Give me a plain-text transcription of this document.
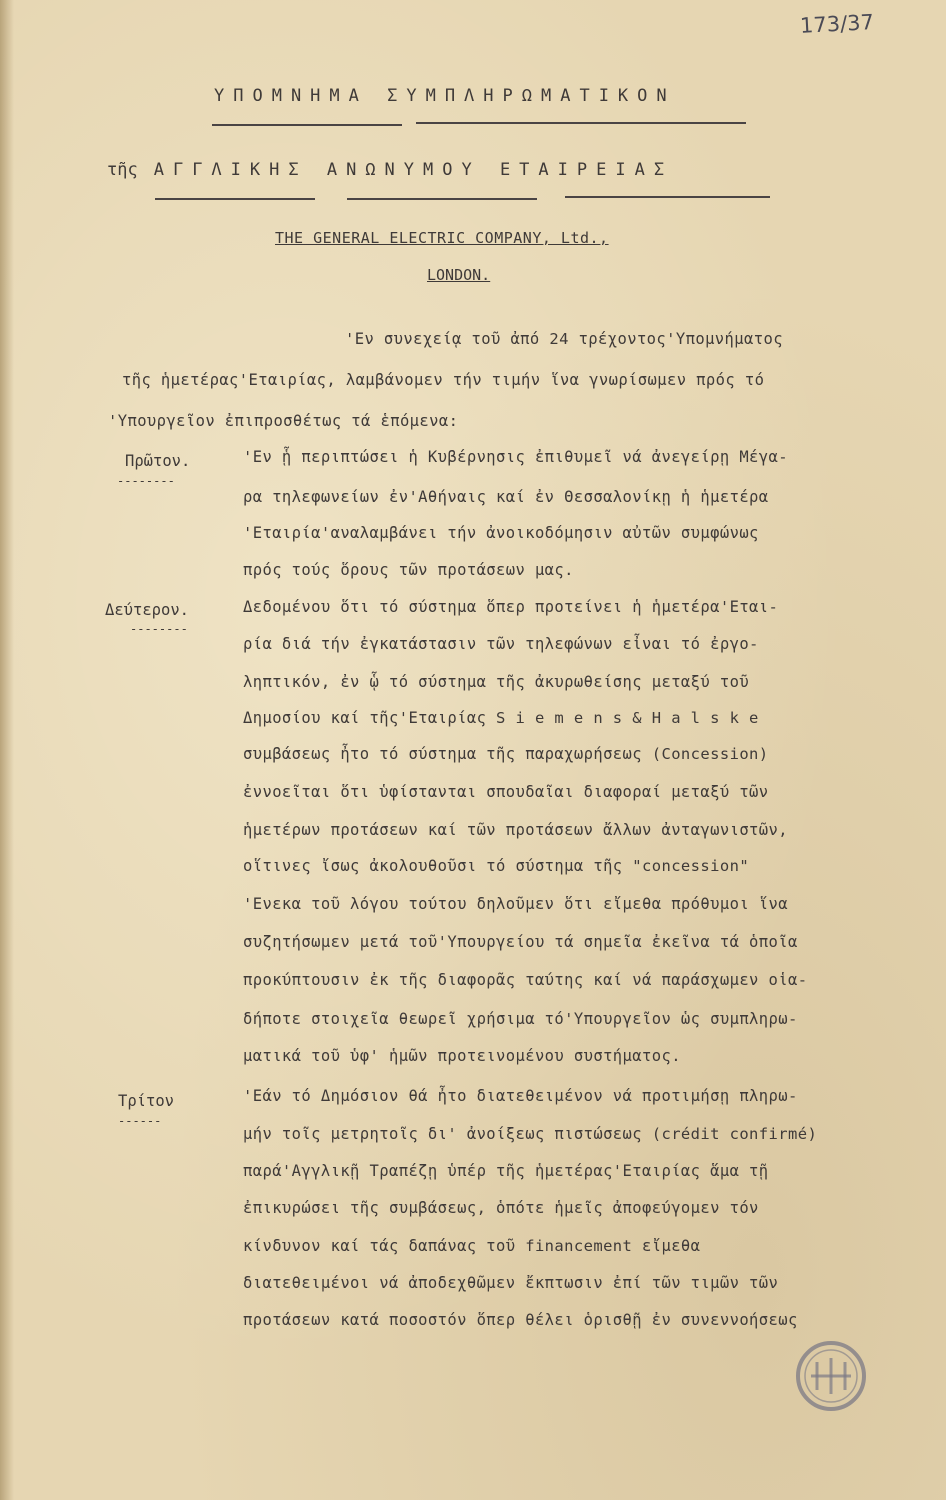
173/37
ΥΠΟΜΝΗΜΑ ΣΥΜΠΛΗΡΩΜΑΤΙΚΟΝ
τῆς ΑΓΓΛΙΚΗΣ ΑΝΩΝΥΜΟΥ ΕΤΑΙΡΕΙΑΣ
THE GENERAL ELECTRIC COMPANY, Ltd.,
LONDON.
'Εν συνεχείᾳ τοῦ ἀπό 24 τρέχοντος'Υπομνήματος
τῆς ἡμετέρας'Εταιρίας, λαμβάνομεν τήν τιμήν ἵνα γνωρίσωμεν πρός τό
'Υπουργεῖον ἐπιπροσθέτως τά ἑπόμενα:
Πρῶτον.
--------
'Εν ᾗ περιπτώσει ἡ Κυβέρνησις ἐπιθυμεῖ νά ἀνεγείρῃ Μέγα-
ρα τηλεφωνείων ἐν'Αθήναις καί ἐν Θεσσαλονίκῃ ἡ ἡμετέρα
'Εταιρία'αναλαμβάνει τήν ἀνοικοδόμησιν αὐτῶν συμφώνως
πρός τούς ὅρους τῶν προτάσεων μας.
Δεύτερον.
--------
Δεδομένου ὅτι τό σύστημα ὅπερ προτείνει ἡ ἡμετέρα'Εται-
ρία διά τήν ἐγκατάστασιν τῶν τηλεφώνων εἶναι τό ἐργο-
ληπτικόν, ἐν ᾧ τό σύστημα τῆς ἀκυρωθείσης μεταξύ τοῦ
Δημοσίου καί τῆς'Εταιρίας S i e m e n s & H a l s k e
συμβάσεως ἦτο τό σύστημα τῆς παραχωρήσεως (Concession)
ἐννοεῖται ὅτι ὑφίστανται σπουδαῖαι διαφοραί μεταξύ τῶν
ἡμετέρων προτάσεων καί τῶν προτάσεων ἄλλων ἀνταγωνιστῶν,
οἵτινες ἴσως ἀκολουθοῦσι τό σύστημα τῆς "concession"
'Ενεκα τοῦ λόγου τούτου δηλοῦμεν ὅτι εἴμεθα πρόθυμοι ἵνα
συζητήσωμεν μετά τοῦ'Υπουργείου τά σημεῖα ἐκεῖνα τά ὁποῖα
προκύπτουσιν ἐκ τῆς διαφορᾶς ταύτης καί νά παράσχωμεν οἱα-
δήποτε στοιχεῖα θεωρεῖ χρήσιμα τό'Υπουργεῖον ὡς συμπληρω-
ματικά τοῦ ὑφ' ἡμῶν προτεινομένου συστήματος.
Τρίτον
------
'Εάν τό Δημόσιον θά ἦτο διατεθειμένον νά προτιμήσῃ πληρω-
μήν τοῖς μετρητοῖς δι' ἀνοίξεως πιστώσεως (crédit confirmé)
παρά'Αγγλικῇ Τραπέζῃ ὑπέρ τῆς ἡμετέρας'Εταιρίας ἅμα τῇ
ἐπικυρώσει τῆς συμβάσεως, ὁπότε ἡμεῖς ἀποφεύγομεν τόν
κίνδυνον καί τάς δαπάνας τοῦ financement εἴμεθα
διατεθειμένοι νά ἀποδεχθῶμεν ἔκπτωσιν ἐπί τῶν τιμῶν τῶν
προτάσεων κατά ποσοστόν ὅπερ θέλει ὁρισθῇ ἐν συνεννοήσεως
